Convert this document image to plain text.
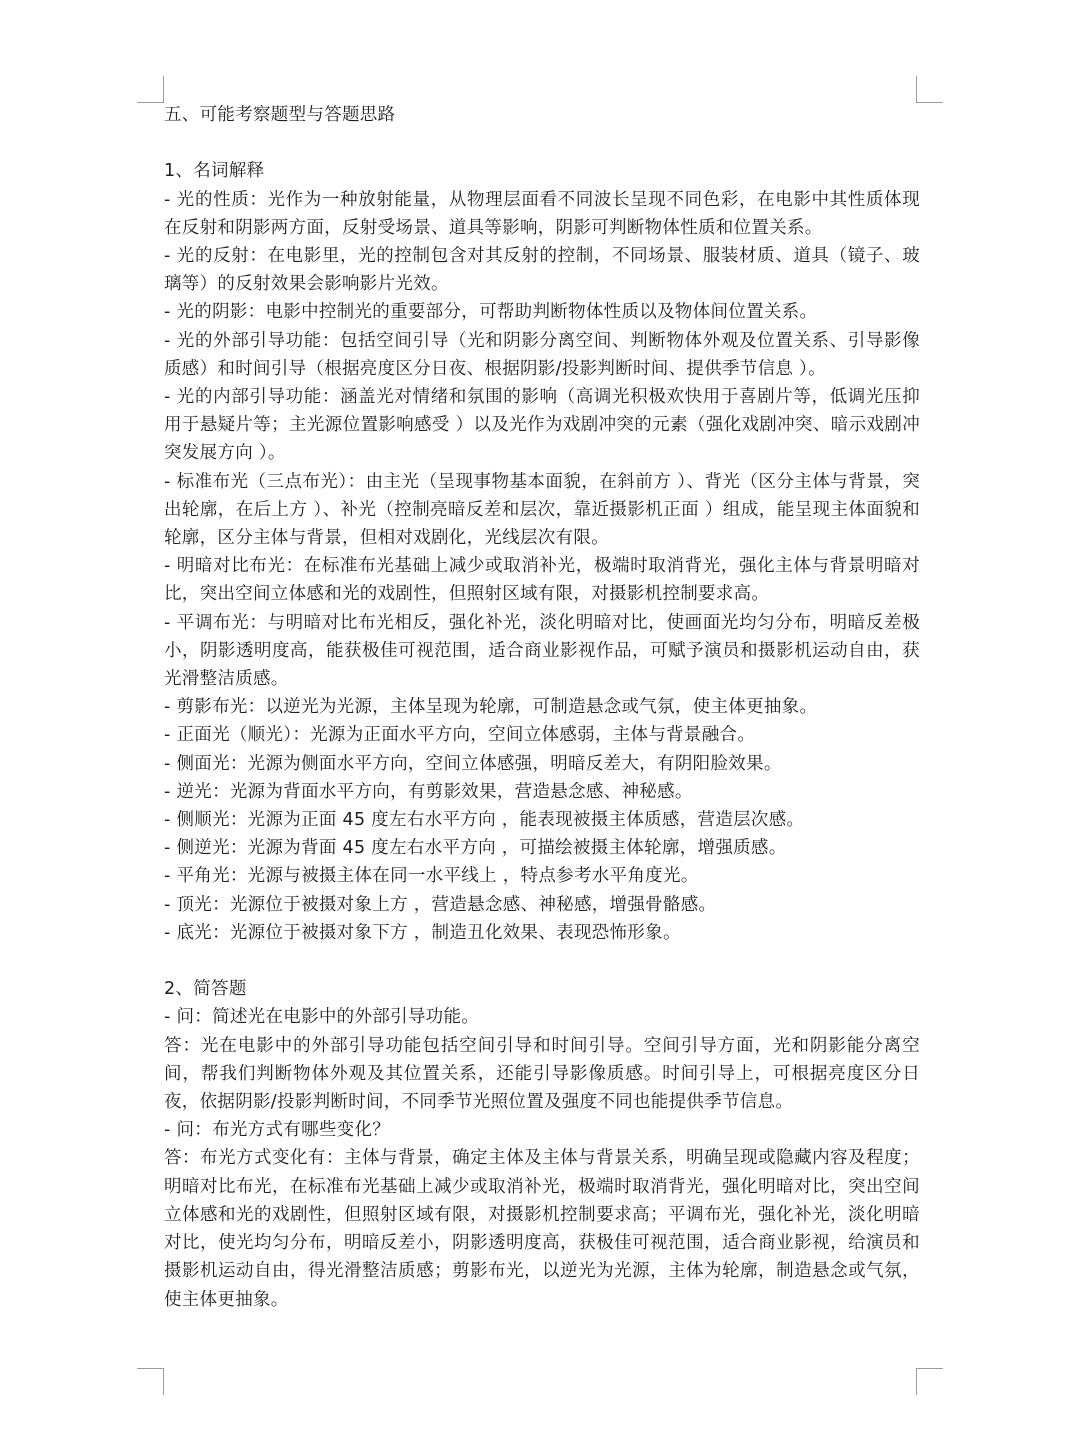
五、可能考察题型与答题思路

1、名词解释

- 光的性质：光作为一种放射能量，从物理层面看不同波长呈现不同色彩，在电影中其性质体现在反射和阴影两方面，反射受场景、道具等影响，阴影可判断物体性质和位置关系。

- 光的反射：在电影里，光的控制包含对其反射的控制，不同场景、服装材质、道具（镜子、玻璃等）的反射效果会影响影片光效。

- 光的阴影：电影中控制光的重要部分，可帮助判断物体性质以及物体间位置关系。

- 光的外部引导功能：包括空间引导（光和阴影分离空间、判断物体外观及位置关系、引导影像质感）和时间引导（根据亮度区分日夜、根据阴影/投影判断时间、提供季节信息 ）。

- 光的内部引导功能：涵盖光对情绪和氛围的影响（高调光积极欢快用于喜剧片等，低调光压抑用于悬疑片等；主光源位置影响感受 ）以及光作为戏剧冲突的元素（强化戏剧冲突、暗示戏剧冲突发展方向 ）。

- 标准布光（三点布光）：由主光（呈现事物基本面貌，在斜前方 ）、背光（区分主体与背景，突出轮廓，在后上方 ）、补光（控制亮暗反差和层次，靠近摄影机正面 ）组成，能呈现主体面貌和轮廓，区分主体与背景，但相对戏剧化，光线层次有限。

- 明暗对比布光：在标准布光基础上减少或取消补光，极端时取消背光，强化主体与背景明暗对比，突出空间立体感和光的戏剧性，但照射区域有限，对摄影机控制要求高。

- 平调布光：与明暗对比布光相反，强化补光，淡化明暗对比，使画面光均匀分布，明暗反差极小，阴影透明度高，能获极佳可视范围，适合商业影视作品，可赋予演员和摄影机运动自由，获光滑整洁质感。

- 剪影布光：以逆光为光源，主体呈现为轮廓，可制造悬念或气氛，使主体更抽象。

- 正面光（顺光）：光源为正面水平方向，空间立体感弱，主体与背景融合。

- 侧面光：光源为侧面水平方向，空间立体感强，明暗反差大，有阴阳脸效果。

- 逆光：光源为背面水平方向，有剪影效果，营造悬念感、神秘感。

- 侧顺光：光源为正面 45 度左右水平方向 ，能表现被摄主体质感，营造层次感。

- 侧逆光：光源为背面 45 度左右水平方向 ，可描绘被摄主体轮廓，增强质感。

- 平角光：光源与被摄主体在同一水平线上 ，特点参考水平角度光。

- 顶光：光源位于被摄对象上方 ，营造悬念感、神秘感，增强骨骼感。

- 底光：光源位于被摄对象下方 ，制造丑化效果、表现恐怖形象。

2、简答题

- 问：简述光在电影中的外部引导功能。

答：光在电影中的外部引导功能包括空间引导和时间引导。空间引导方面，光和阴影能分离空间，帮我们判断物体外观及其位置关系，还能引导影像质感。时间引导上，可根据亮度区分日夜，依据阴影/投影判断时间，不同季节光照位置及强度不同也能提供季节信息。

- 问：布光方式有哪些变化？

答：布光方式变化有：主体与背景，确定主体及主体与背景关系，明确呈现或隐藏内容及程度；明暗对比布光，在标准布光基础上减少或取消补光，极端时取消背光，强化明暗对比，突出空间立体感和光的戏剧性，但照射区域有限，对摄影机控制要求高；平调布光，强化补光，淡化明暗对比，使光均匀分布，明暗反差小，阴影透明度高，获极佳可视范围，适合商业影视，给演员和摄影机运动自由，得光滑整洁质感；剪影布光，以逆光为光源，主体为轮廓，制造悬念或气氛，使主体更抽象。
